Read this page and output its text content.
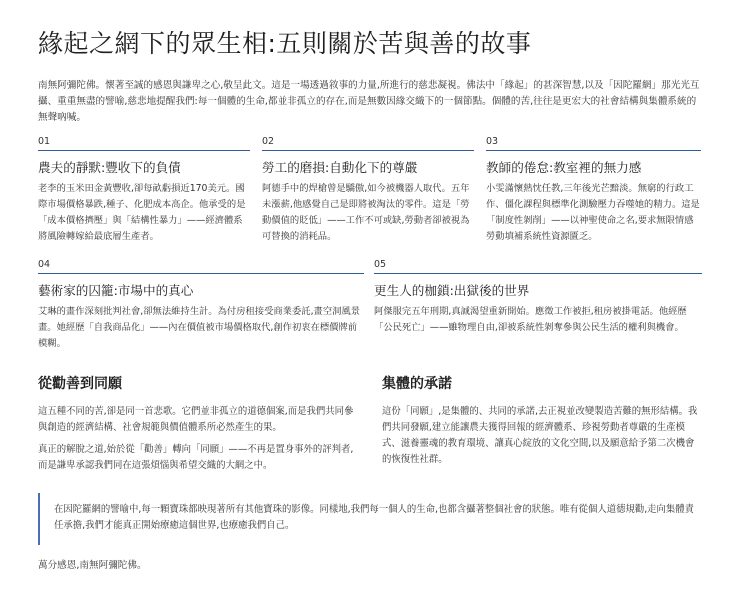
緣起之網下的眾生相:五則關於苦與善的故事

南無阿彌陀佛。懷著至誠的感恩與謙卑之心,敬呈此文。這是一場透過敘事的力量,所進行的慈悲凝視。佛法中「緣起」的甚深智慧,以及「因陀羅網」那光光互攝、重重無盡的譬喻,慈悲地提醒我們:每一個體的生命,都並非孤立的存在,而是無數因緣交織下的一個節點。個體的苦,往往是更宏大的社會結構與集體系統的無聲吶喊。

01
農夫的靜默:豐收下的負債

老李的玉米田金黃豐收,卻每畝虧損近170美元。國際市場價格暴跌,種子、化肥成本高企。他承受的是「成本價格擠壓」與「結構性暴力」——經濟體系將風險轉嫁給最底層生產者。

02
勞工的磨損:自動化下的尊嚴

阿德手中的焊槍曾是驕傲,如今被機器人取代。五年未漲薪,他感覺自己是即將被淘汰的零件。這是「勞動價值的貶低」——工作不可或缺,勞動者卻被視為可替換的消耗品。

03
教師的倦怠:教室裡的無力感

小雯滿懷熱忱任教,三年後光芒黯淡。無窮的行政工作、僵化課程與標準化測驗壓力吞噬她的精力。這是「制度性剝削」——以神聖使命之名,要求無限情感勞動填補系統性資源匱乏。

04
藝術家的囚籠:市場中的真心

艾琳的畫作深刻批判社會,卻無法維持生計。為付房租接受商業委託,畫空洞風景畫。她經歷「自我商品化」——內在價值被市場價格取代,創作初衷在標價牌前模糊。

05
更生人的枷鎖:出獄後的世界

阿傑服完五年刑期,真誠渴望重新開始。應徵工作被拒,租房被掛電話。他經歷「公民死亡」——雖物理自由,卻被系統性剝奪參與公民生活的權利與機會。

從勸善到同願

這五種不同的苦,卻是同一首悲歌。它們並非孤立的道德個案,而是我們共同參與創造的經濟結構、社會規範與價值體系所必然產生的果。

真正的解脫之道,始於從「勸善」轉向「同願」——不再是置身事外的評判者,而是謙卑承認我們同在這張煩惱與希望交織的大網之中。

集體的承諾

這份「同願」,是集體的、共同的承諾,去正視並改變製造苦難的無形結構。我們共同發願,建立能讓農夫獲得回報的經濟體系、珍視勞動者尊嚴的生產模式、滋養靈魂的教育環境、讓真心綻放的文化空間,以及願意給予第二次機會的恢復性社群。

在因陀羅網的譬喻中,每一顆寶珠都映現著所有其他寶珠的影像。同樣地,我們每一個人的生命,也都含攝著整個社會的狀態。唯有從個人道德規勸,走向集體責任承擔,我們才能真正開始療癒這個世界,也療癒我們自己。
萬分感恩,南無阿彌陀佛。
